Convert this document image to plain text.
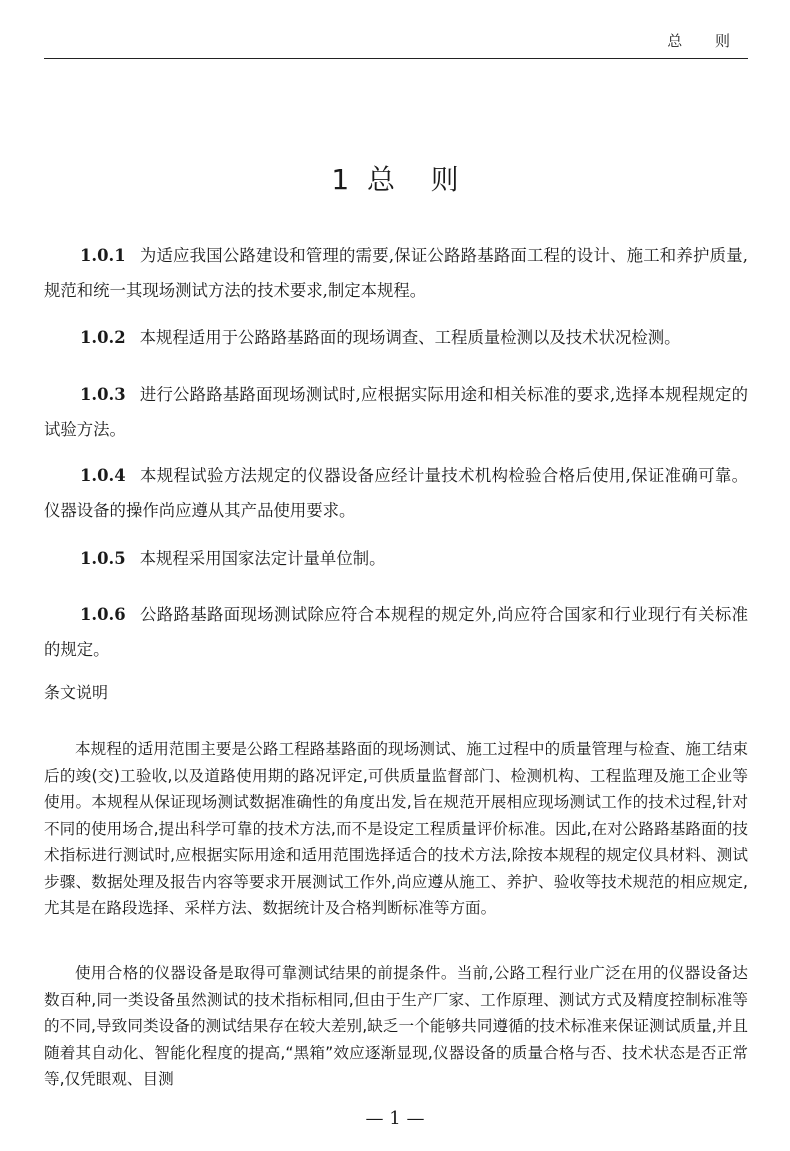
总 则
1  总    则
1.0.1 为适应我国公路建设和管理的需要,保证公路路基路面工程的设计、施工和养护质量,规范和统一其现场测试方法的技术要求,制定本规程。
1.0.2 本规程适用于公路路基路面的现场调查、工程质量检测以及技术状况检测。
1.0.3 进行公路路基路面现场测试时,应根据实际用途和相关标准的要求,选择本规程规定的试验方法。
1.0.4 本规程试验方法规定的仪器设备应经计量技术机构检验合格后使用,保证准确可靠。仪器设备的操作尚应遵从其产品使用要求。
1.0.5 本规程采用国家法定计量单位制。
1.0.6 公路路基路面现场测试除应符合本规程的规定外,尚应符合国家和行业现行有关标准的规定。
条文说明
本规程的适用范围主要是公路工程路基路面的现场测试、施工过程中的质量管理与检查、施工结束后的竣(交)工验收,以及道路使用期的路况评定,可供质量监督部门、检测机构、工程监理及施工企业等使用。本规程从保证现场测试数据准确性的角度出发,旨在规范开展相应现场测试工作的技术过程,针对不同的使用场合,提出科学可靠的技术方法,而不是设定工程质量评价标准。因此,在对公路路基路面的技术指标进行测试时,应根据实际用途和适用范围选择适合的技术方法,除按本规程的规定仪具材料、测试步骤、数据处理及报告内容等要求开展测试工作外,尚应遵从施工、养护、验收等技术规范的相应规定,尤其是在路段选择、采样方法、数据统计及合格判断标准等方面。
使用合格的仪器设备是取得可靠测试结果的前提条件。当前,公路工程行业广泛在用的仪器设备达数百种,同一类设备虽然测试的技术指标相同,但由于生产厂家、工作原理、测试方式及精度控制标准等的不同,导致同类设备的测试结果存在较大差别,缺乏一个能够共同遵循的技术标准来保证测试质量,并且随着其自动化、智能化程度的提高,“黑箱”效应逐渐显现,仪器设备的质量合格与否、技术状态是否正常等,仅凭眼观、目测
— 1 —
